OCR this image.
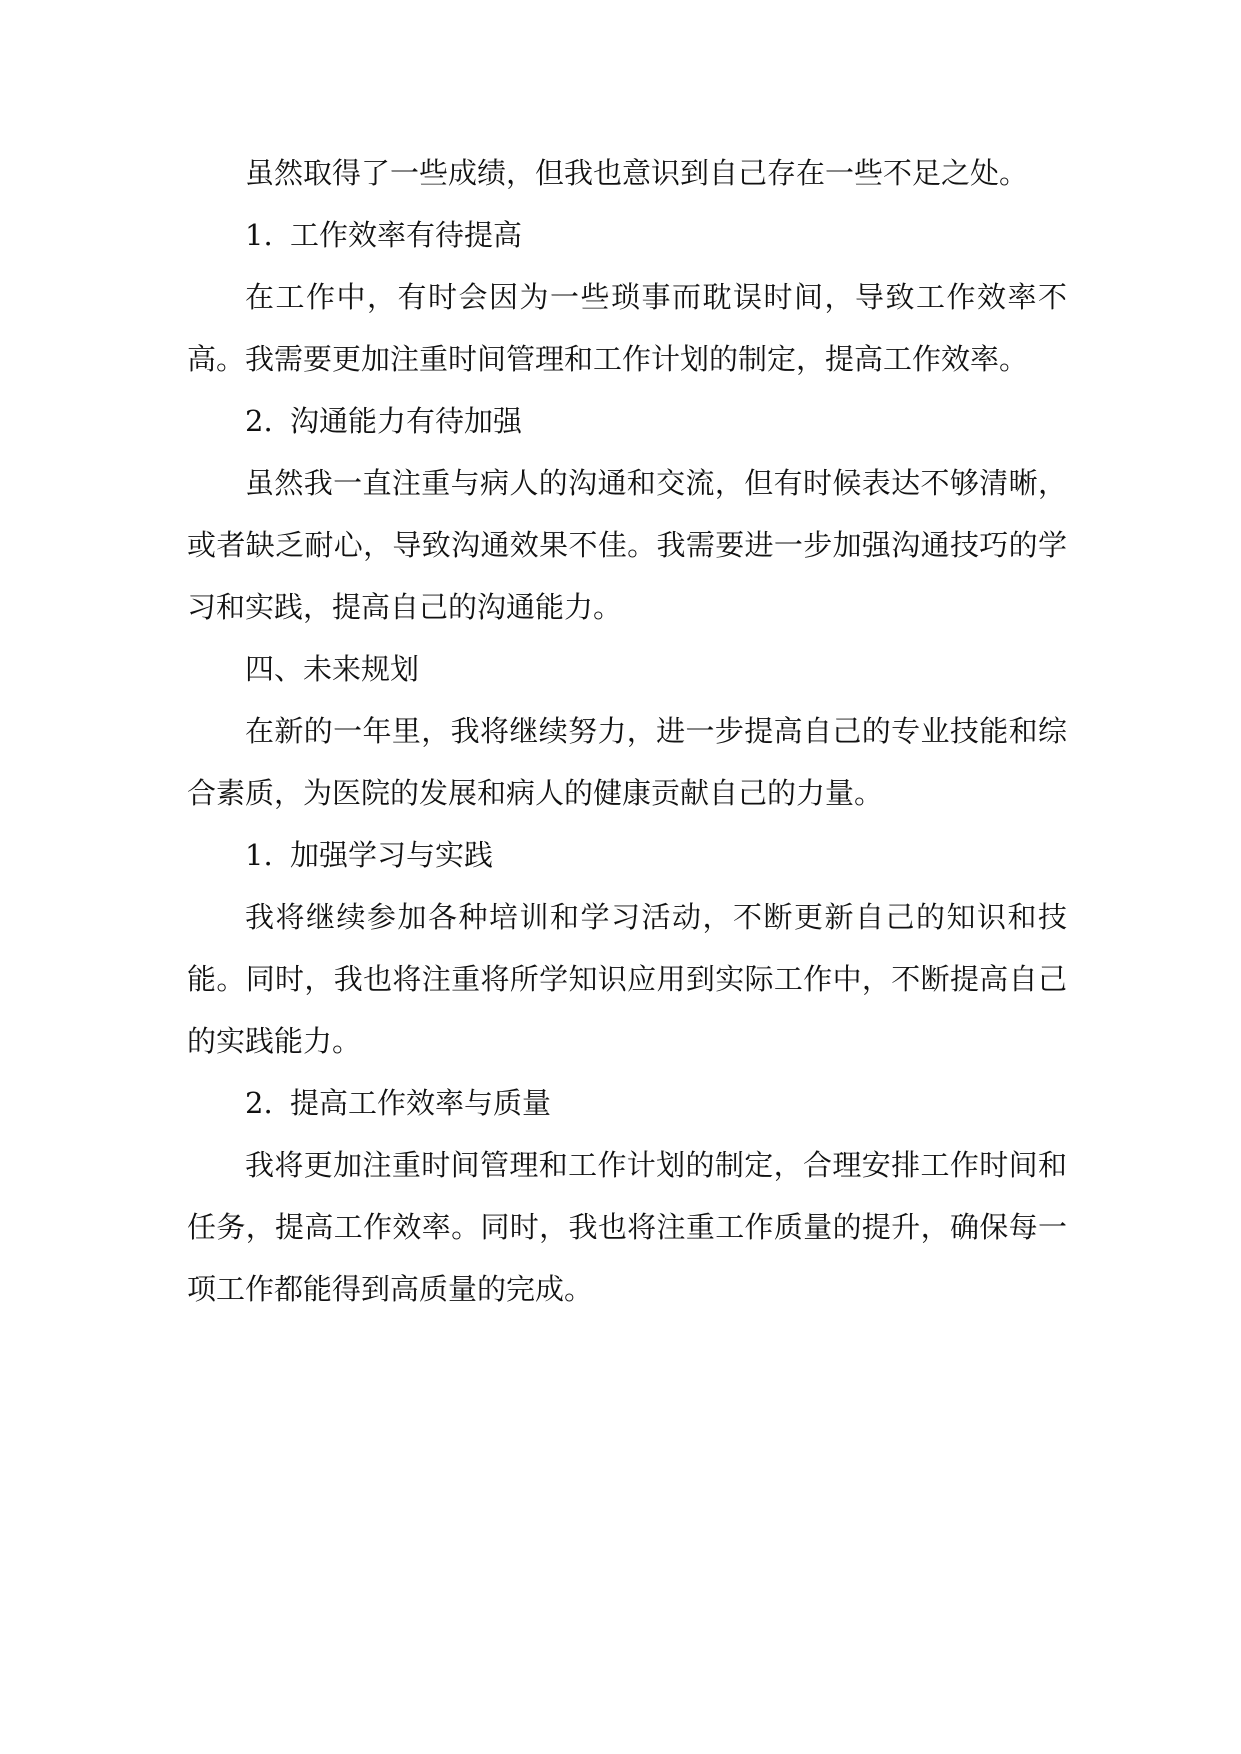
虽然取得了一些成绩，但我也意识到自己存在一些不足之处。

1. 工作效率有待提高

在工作中，有时会因为一些琐事而耽误时间，导致工作效率不高。我需要更加注重时间管理和工作计划的制定，提高工作效率。

2. 沟通能力有待加强

虽然我一直注重与病人的沟通和交流，但有时候表达不够清晰，或者缺乏耐心，导致沟通效果不佳。我需要进一步加强沟通技巧的学习和实践，提高自己的沟通能力。

四、未来规划

在新的一年里，我将继续努力，进一步提高自己的专业技能和综合素质，为医院的发展和病人的健康贡献自己的力量。

1. 加强学习与实践

我将继续参加各种培训和学习活动，不断更新自己的知识和技能。同时，我也将注重将所学知识应用到实际工作中，不断提高自己的实践能力。

2. 提高工作效率与质量

我将更加注重时间管理和工作计划的制定，合理安排工作时间和任务，提高工作效率。同时，我也将注重工作质量的提升，确保每一项工作都能得到高质量的完成。
